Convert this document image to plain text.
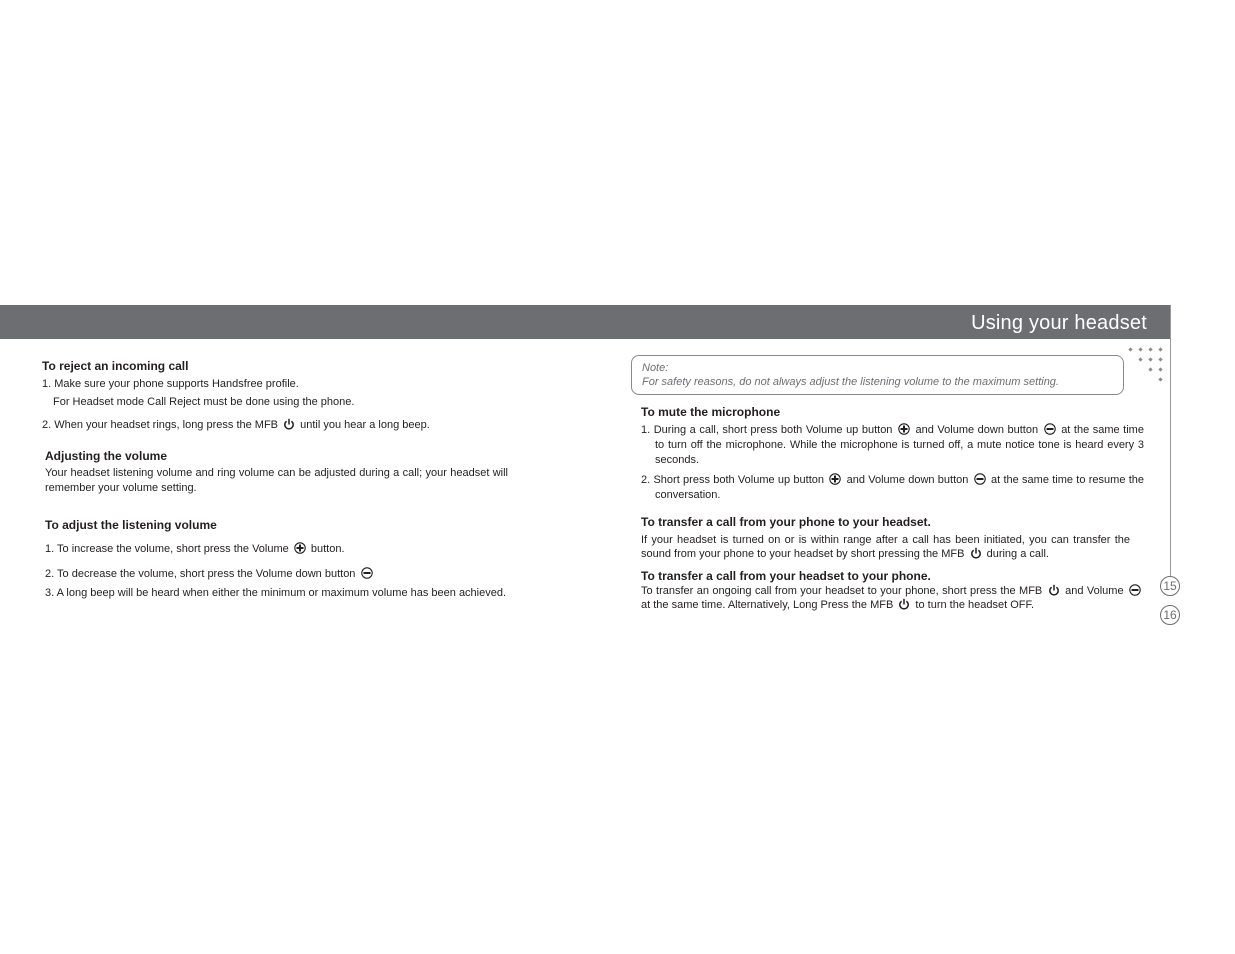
Using your headset
To reject an incoming call
1. Make sure your phone supports Handsfree profile.
For Headset mode Call Reject must be done using the phone.
2. When your headset rings, long press the MFB until you hear a long beep.
Adjusting the volume
Your headset listening volume and ring volume can be adjusted during a call; your headset will remember your volume setting.
To adjust the listening volume
1. To increase the volume, short press the Volume button.
2. To decrease the volume, short press the Volume down button
3. A long beep will be heard when either the minimum or maximum volume has been achieved.
Note:
For safety reasons, do not always adjust the listening volume to the maximum setting.
To mute the microphone
1. During a call, short press both Volume up button and Volume down button at the same time to turn off the microphone. While the microphone is turned off, a mute notice tone is heard every 3 seconds.
2. Short press both Volume up button and Volume down button at the same time to resume the conversation.
To transfer a call from your phone to your headset.
If your headset is turned on or is within range after a call has been initiated, you can transfer the sound from your phone to your headset by short pressing the MFB during a call.
To transfer a call from your headset to your phone.
To transfer an ongoing call from your headset to your phone, short press the MFB and Volume  at the same time. Alternatively, Long Press the MFB to turn the headset OFF.
15
16
